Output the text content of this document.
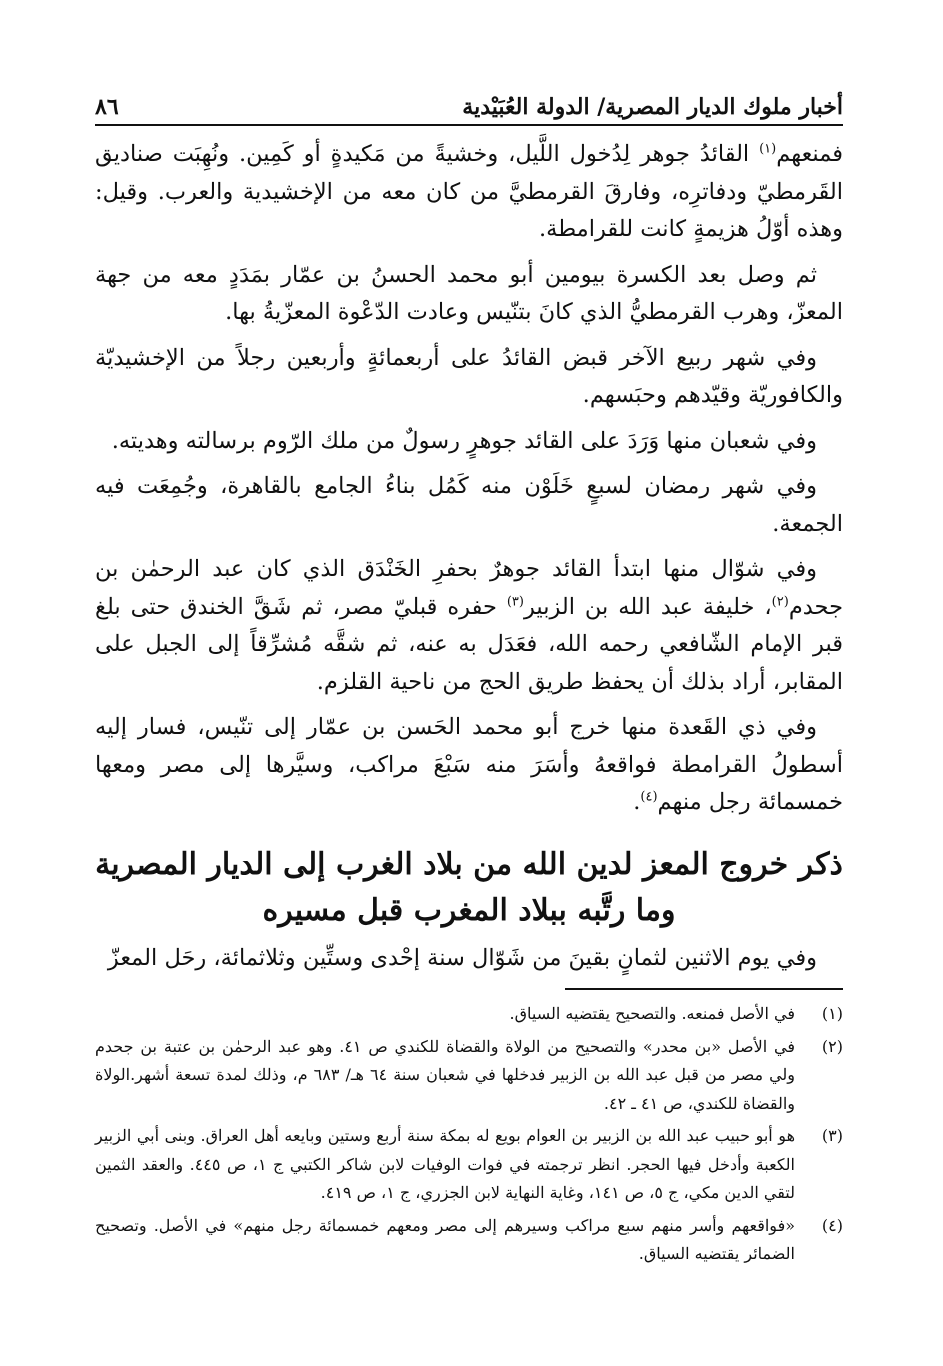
أخبار ملوك الديار المصرية/ الدولة العُبَيْدية
٨٦

فمنعهم$^{(١)}$ القائدُ جوهر لِدُخول اللَّيل، وخشيةً من مَكيدةٍ أو كَمِين. ونُهِبَت صناديق القَرمطيّ ودفاترِه، وفارقَ القرمطيَّ من كان معه من الإخشيدية والعرب. وقيل: وهذه أوّلُ هزيمةٍ كانت للقرامطة.

ثم وصل بعد الكسرة بيومين أبو محمد الحسنُ بن عمّار بمَدَدٍ معه من جهة المعزّ، وهرب القرمطيُّ الذي كانَ بتنّيس وعادت الدّعْوة المعزّيةُ بها.

وفي شهر ربيع الآخر قبض القائدُ على أربعمائةٍ وأربعين رجلاً من الإخشيديّة والكافوريّة وقيّدهم وحبَسهم.

وفي شعبان منها وَرَدَ على القائد جوهرٍ رسولٌ من ملك الرّوم برسالته وهديته.

وفي شهر رمضان لسبعٍ خَلَوْن منه كَمُل بناءُ الجامع بالقاهرة، وجُمِعَت فيه الجمعة.

وفي شوّال منها ابتدأ القائد جوهرٌ بحفرِ الخَنْدَق الذي كان عبد الرحمٰن بن جحدم$^{(٢)}$، خليفة عبد الله بن الزبير$^{(٣)}$ حفره قبليّ مصر، ثم شَقَّ الخندق حتى بلغ قبر الإمام الشّافعي رحمه الله، فعَدَل به عنه، ثم شقَّه مُشرِّقاً إلى الجبل على المقابر، أراد بذلك أن يحفظ طريق الحج من ناحية القلزم.

وفي ذي القَعدة منها خرج أبو محمد الحَسن بن عمّار إلى تنّيس، فسار إليه أسطولُ القرامطة فواقعهُ وأسَرَ منه سَبْعَ مراكب، وسيَّرها إلى مصر ومعها خمسمائة رجل منهم$^{(٤)}$.

ذكر خروج المعز لدين الله من بلاد الغرب إلى الديار المصرية
وما رتَّبه ببلاد المغرب قبل مسيره

وفي يوم الاثنين لثمانٍ بقينَ من شَوّال سنة إحْدى وستِّين وثلاثمائة، رحَل المعزّ

(١)
في الأصل فمنعه. والتصحيح يقتضيه السياق.
(٢)
في الأصل «بن محدر» والتصحيح من الولاة والقضاة للكندي ص ٤١. وهو عبد الرحمٰن بن عتبة بن جحدم ولي مصر من قبل عبد الله بن الزبير فدخلها في شعبان سنة ٦٤ هـ/ ٦٨٣ م، وذلك لمدة تسعة أشهر.الولاة والقضاة للكندي، ص ٤١ ـ ٤٢.
(٣)
هو أبو حبيب عبد الله بن الزبير بن العوام بويع له بمكة سنة أربع وستين وبايعه أهل العراق. وبنى أبي الزبير الكعبة وأدخل فيها الحجر. انظر ترجمته في فوات الوفيات لابن شاكر الكتبي ج ١، ص ٤٤٥. والعقد الثمين لتقي الدين مكي، ج ٥، ص ١٤١، وغاية النهاية لابن الجزري، ج ١، ص ٤١٩.
(٤)
«فواقعهم وأسر منهم سبع مراكب وسيرهم إلى مصر ومعهم خمسمائة رجل منهم» في الأصل. وتصحيح الضمائر يقتضيه السياق.
